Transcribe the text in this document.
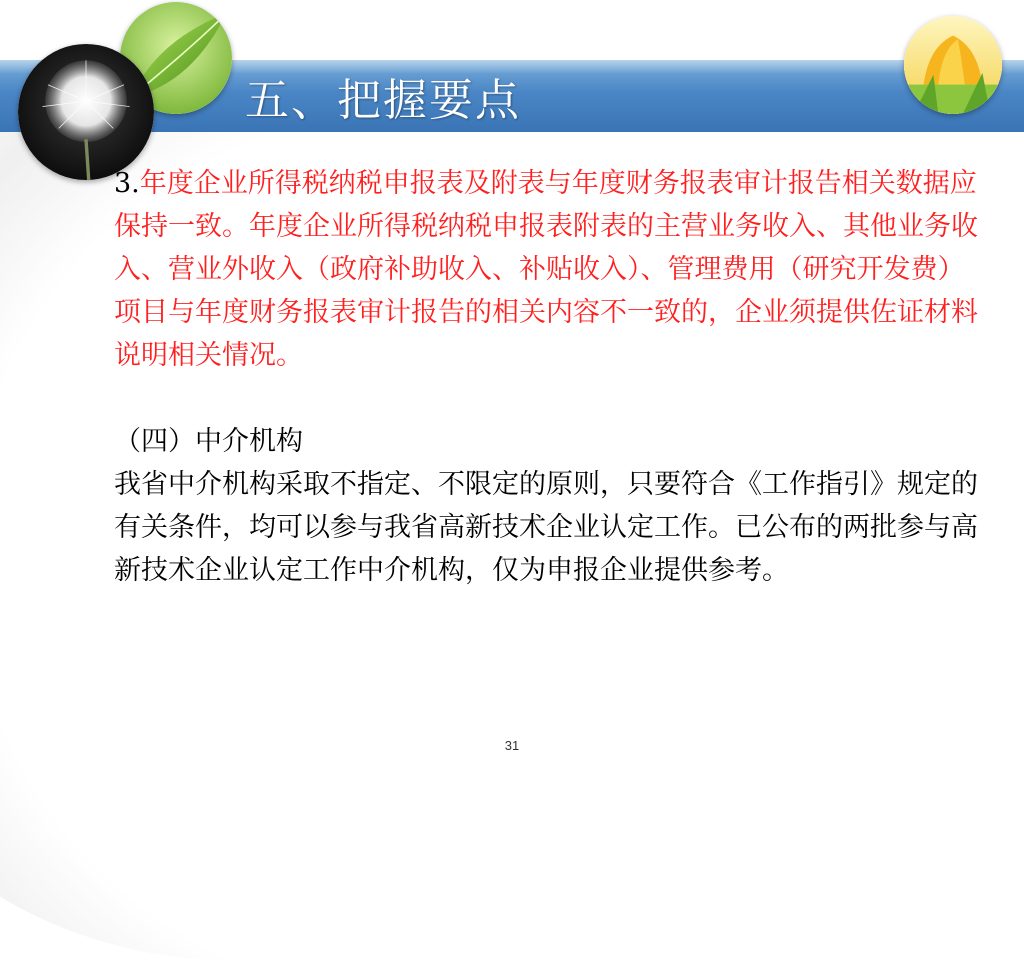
五、把握要点

3.年度企业所得税纳税申报表及附表与年度财务报表审计报告相关数据应保持一致。年度企业所得税纳税申报表附表的主营业务收入、其他业务收入、营业外收入（政府补助收入、补贴收入）、管理费用（研究开发费）项目与年度财务报表审计报告的相关内容不一致的，企业须提供佐证材料说明相关情况。

（四）中介机构

我省中介机构采取不指定、不限定的原则，只要符合《工作指引》规定的有关条件，均可以参与我省高新技术企业认定工作。已公布的两批参与高新技术企业认定工作中介机构，仅为申报企业提供参考。

31
